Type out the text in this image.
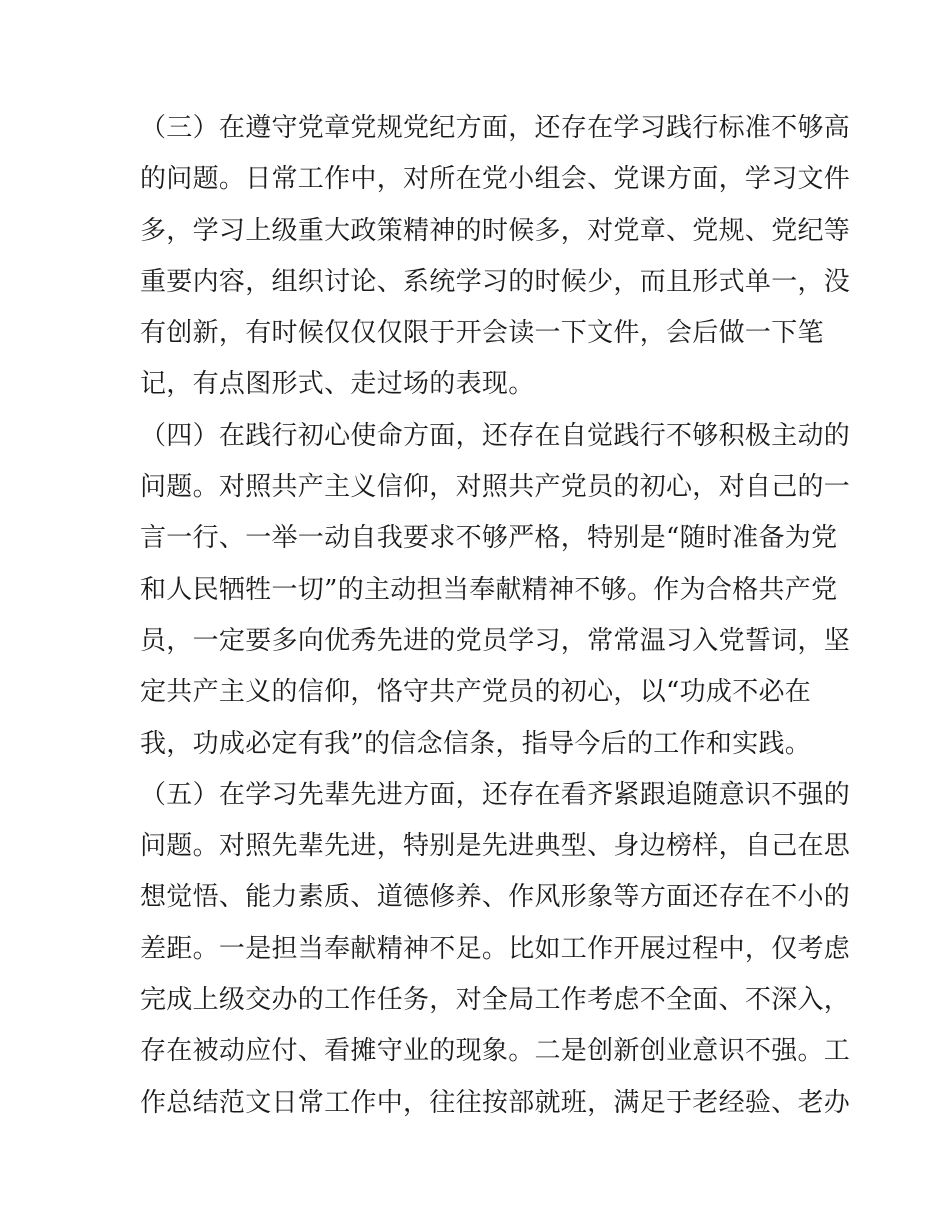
（三）在遵守党章党规党纪方面，还存在学习践行标准不够高
的问题。日常工作中，对所在党小组会、党课方面，学习文件
多，学习上级重大政策精神的时候多，对党章、党规、党纪等
重要内容，组织讨论、系统学习的时候少，而且形式单一，没
有创新，有时候仅仅仅限于开会读一下文件，会后做一下笔
记，有点图形式、走过场的表现。
（四）在践行初心使命方面，还存在自觉践行不够积极主动的
问题。对照共产主义信仰，对照共产党员的初心，对自己的一
言一行、一举一动自我要求不够严格，特别是“随时准备为党
和人民牺牲一切”的主动担当奉献精神不够。作为合格共产党
员，一定要多向优秀先进的党员学习，常常温习入党誓词，坚
定共产主义的信仰，恪守共产党员的初心，以“功成不必在
我，功成必定有我”的信念信条，指导今后的工作和实践。
（五）在学习先辈先进方面，还存在看齐紧跟追随意识不强的
问题。对照先辈先进，特别是先进典型、身边榜样，自己在思
想觉悟、能力素质、道德修养、作风形象等方面还存在不小的
差距。一是担当奉献精神不足。比如工作开展过程中，仅考虑
完成上级交办的工作任务，对全局工作考虑不全面、不深入，
存在被动应付、看摊守业的现象。二是创新创业意识不强。工
作总结范文日常工作中，往往按部就班，满足于老经验、老办
